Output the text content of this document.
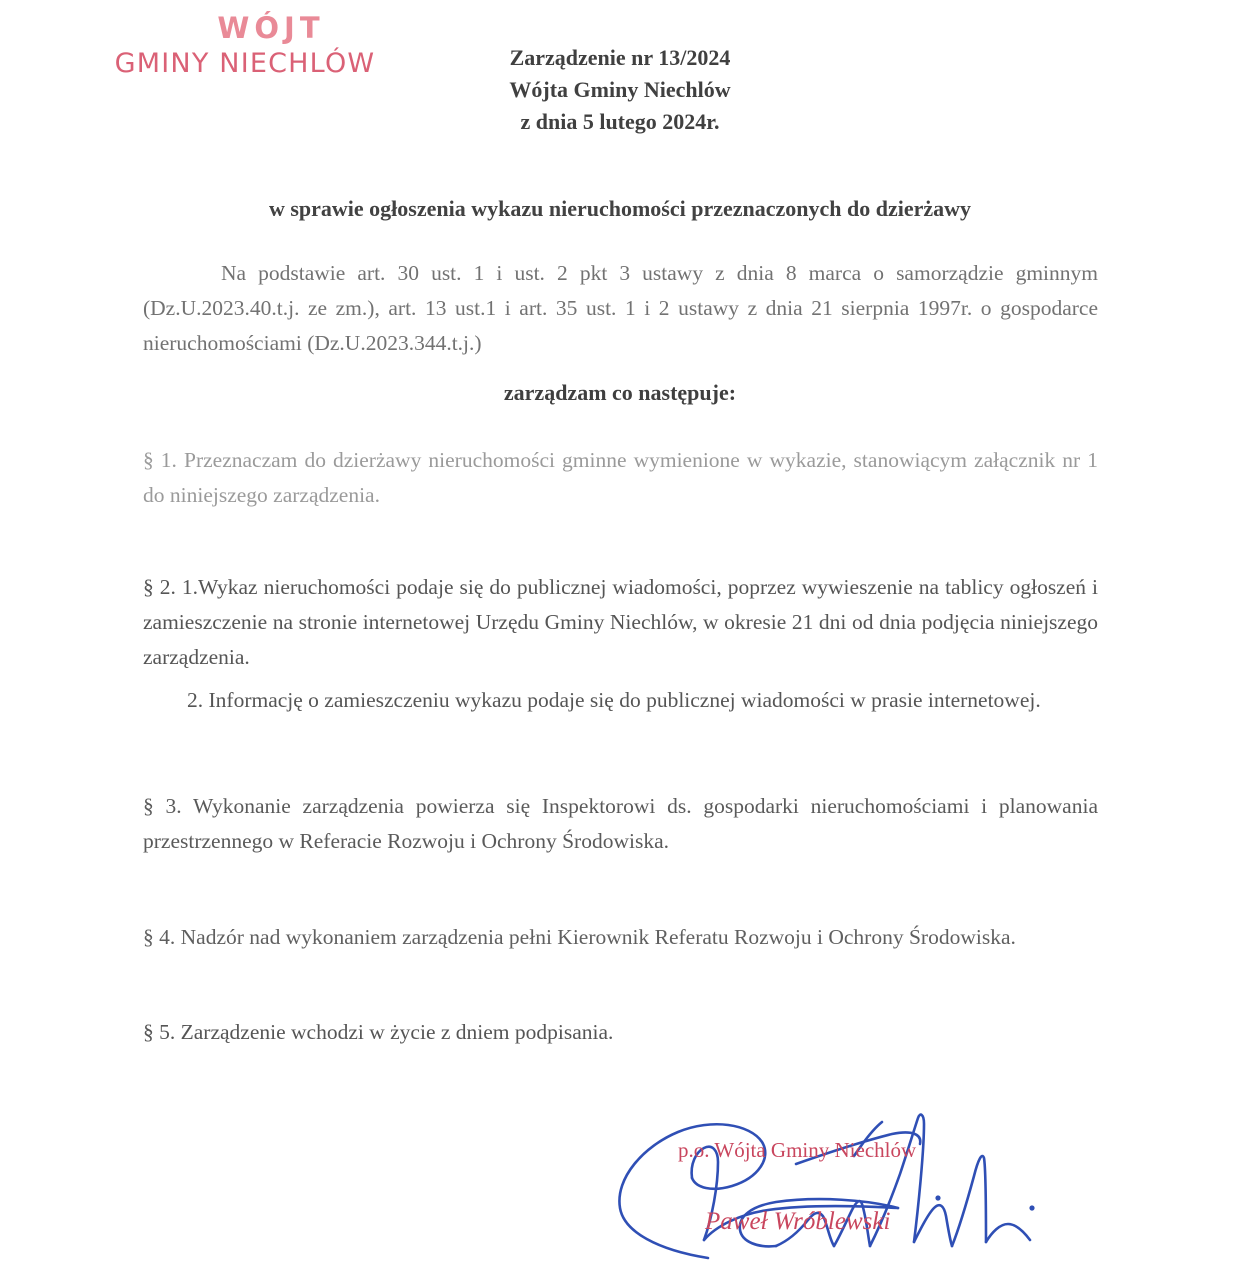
WÓJT
GMINY NIECHLÓW	Zarządzenie nr 13/2024
Wójta Gminy Niechlów
z dnia 5 lutego 2024r.
w sprawie ogłoszenia wykazu nieruchomości przeznaczonych do dzierżawy

Na podstawie art. 30 ust. 1 i ust. 2 pkt 3 ustawy z dnia 8 marca o samorządzie gminnym (Dz.U.2023.40.t.j. ze zm.), art. 13 ust.1 i art. 35 ust. 1 i 2 ustawy z dnia 21 sierpnia 1997r. o gospodarce nieruchomościami (Dz.U.2023.344.t.j.)

zarządzam co następuje:

§ 1. Przeznaczam do dzierżawy nieruchomości gminne wymienione w wykazie, stanowiącym załącznik nr 1 do niniejszego zarządzenia.

§ 2. 1.Wykaz nieruchomości podaje się do publicznej wiadomości, poprzez wywieszenie na tablicy ogłoszeń i zamieszczenie na stronie internetowej Urzędu Gminy Niechlów, w okresie 21 dni od dnia podjęcia niniejszego zarządzenia.

2. Informację o zamieszczeniu wykazu podaje się do publicznej wiadomości w prasie internetowej.

§ 3. Wykonanie zarządzenia powierza się Inspektorowi ds. gospodarki nieruchomościami i planowania przestrzennego w Referacie Rozwoju i Ochrony Środowiska.

§ 4. Nadzór nad wykonaniem zarządzenia pełni Kierownik Referatu Rozwoju i Ochrony Środowiska.

§ 5. Zarządzenie wchodzi w życie z dniem podpisania.

p.o. Wójta Gminy Niechlów
Paweł Wróblewski
